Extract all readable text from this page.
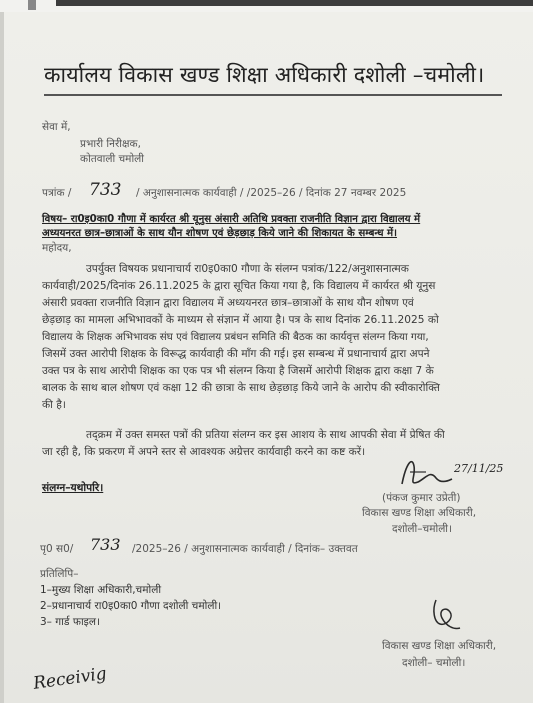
कार्यालय विकास खण्ड शिक्षा अधिकारी दशोली –चमोली।
सेवा में,
प्रभारी निरीक्षक,
कोतवाली चमोली
पत्रांक / 733 / अनुशासनात्मक कार्यवाही / /2025–26 / दिनांक 27 नवम्बर 2025
विषय– रा0इ0का0 गौणा में कार्यरत श्री यूनुस अंसारी अतिथि प्रवक्ता राजनीति विज्ञान द्वारा विद्यालय में
अध्ययनरत छात्र–छात्राओं के साथ यौन शोषण एवं छेड़छाड़ किये जाने की शिकायत के सम्बन्ध में।
महोदय,
उपर्युक्त विषयक प्रधानाचार्य रा0इ0का0 गौणा के संलग्न पत्रांक/122/अनुशासनात्मक
कार्यवाही/2025/दिनांक 26.11.2025 के द्वारा सूचित किया गया है, कि विद्यालय में कार्यरत श्री यूनुस
अंसारी प्रवक्ता राजनीति विज्ञान द्वारा विद्यालय में अध्ययनरत छात्र–छात्राओं के साथ यौन शोषण एवं
छेड़छाड़ का मामला अभिभावकों के माध्यम से संज्ञान में आया है। पत्र के साथ दिनांक 26.11.2025 को
विद्यालय के शिक्षक अभिभावक संघ एवं विद्यालय प्रबंधन समिति की बैठक का कार्यवृत्त संलग्न किया गया,
जिसमें उक्त आरोपी शिक्षक के विरूद्ध कार्यवाही की माँग की गई। इस सम्बन्ध में प्रधानाचार्य द्वारा अपने
उक्त पत्र के साथ आरोपी शिक्षक का एक पत्र भी संलग्न किया है जिसमें आरोपी शिक्षक द्वारा कक्षा 7 के
बालक के साथ बाल शोषण एवं कक्षा 12 की छात्रा के साथ छेड़छाड़ किये जाने के आरोप की स्वीकारोक्ति
की है।
तद्क्रम में उक्त समस्त पत्रों की प्रतिया संलग्न कर इस आशय के साथ आपकी सेवा में प्रेषित की
जा रही है, कि प्रकरण में अपने स्तर से आवश्यक अग्रेत्तर कार्यवाही करने का कष्ट करें।
संलग्न–यथोपरि।
27/11/25
(पंकज कुमार उप्रेती)
विकास खण्ड शिक्षा अधिकारी,
दशोली–चमोली।
पृ0 स0/ 733 /2025–26 / अनुशासनात्मक कार्यवाही / दिनांक– उक्तवत
प्रतिलिपि–
1–मुख्य शिक्षा अधिकारी,चमोली
2–प्रधानाचार्य रा0इ0का0 गौणा दशोली चमोली।
3– गार्ड फाइल।
विकास खण्ड शिक्षा अधिकारी,
दशोली– चमोली।
Receivig
